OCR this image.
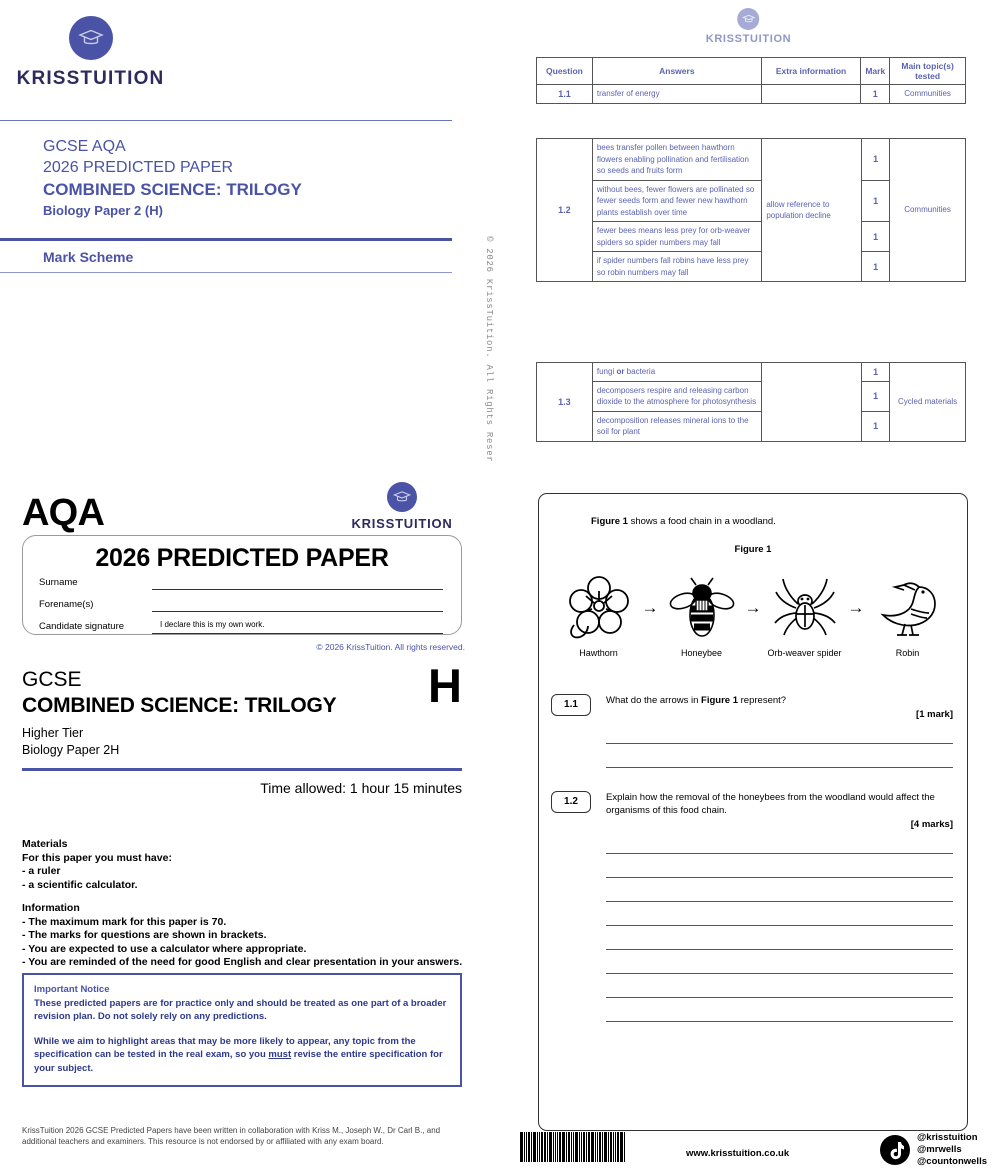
KRISSTUITION
GCSE AQA
2026 PREDICTED PAPER
COMBINED SCIENCE: TRILOGY
Biology Paper 2 (H)
Mark Scheme	© 2026 KrissTuition. All Rights Reser
KRISSTUITION
Question	Answers	Extra information	Mark	Main topic(s) tested
1.1	transfer of energy		1	Communities
1.2	bees transfer pollen between hawthorn flowers enabling pollination and fertilisation so seeds and fruits form	allow reference to population decline	1	Communities
	without bees, fewer flowers are pollinated so fewer seeds form and fewer new hawthorn plants establish over time		1	
	fewer bees means less prey for orb-weaver spiders so spider numbers may fall		1	
	if spider numbers fall robins have less prey so robin numbers may fall		1	
1.3	fungi or bacteria		1	Cycled materials
	decomposers respire and releasing carbon dioxide to the atmosphere for photosynthesis		1	
	decomposition releases mineral ions to the soil for plant		1	
AQA	KRISSTUITION
2026 PREDICTED PAPER
Surname
Forename(s)
Candidate signature	I declare this is my own work.
© 2026 KrissTuition. All rights reserved.
GCSE
COMBINED SCIENCE: TRILOGY H
Higher Tier
Biology Paper 2H
Time allowed: 1 hour 15 minutes
Materials
For this paper you must have:
- a ruler
- a scientific calculator.
Information
- The maximum mark for this paper is 70.
- The marks for questions are shown in brackets.
- You are expected to use a calculator where appropriate.
- You are reminded of the need for good English and clear presentation in your answers.

Important Notice

These predicted papers are for practice only and should be treated as one part of a broader revision plan. Do not solely rely on any predictions.

While we aim to highlight areas that may be more likely to appear, any topic from the specification can be tested in the real exam, so you must revise the entire specification for your subject.

KrissTuition 2026 GCSE Predicted Papers have been written in collaboration with Kriss M., Joseph W., Dr Carl B., and additional teachers and examiners. This resource is not endorsed by or affiliated with any exam board.
Figure 1 shows a food chain in a woodland.
Figure 1
Hawthorn
→
Honeybee
→
Orb-weaver spider
→
Robin
1.1	What do the arrows in Figure 1 represent?
[1 mark]
1.2	Explain how the removal of the honeybees from the woodland would affect the organisms of this food chain.
[4 marks]
www.krisstuition.co.uk
@krisstuition
@mrwells
@countonwells
